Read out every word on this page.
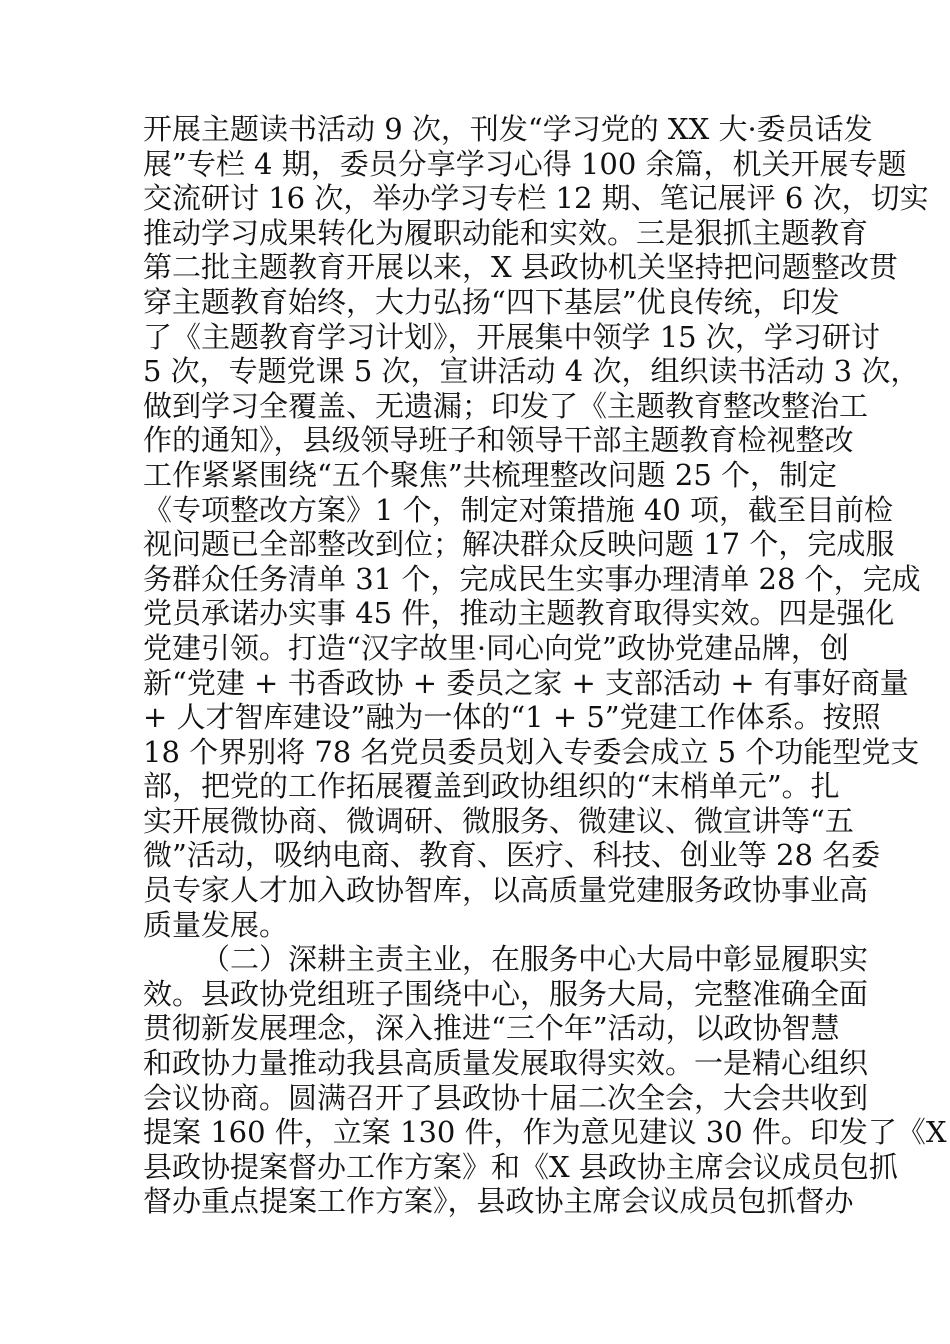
开展主题读书活动 9 次，刊发“学习党的 XX 大·委员话发
展”专栏 4 期，委员分享学习心得 100 余篇，机关开展专题
交流研讨 16 次，举办学习专栏 12 期、笔记展评 6 次，切实
推动学习成果转化为履职动能和实效。三是狠抓主题教育
第二批主题教育开展以来，X 县政协机关坚持把问题整改贯
穿主题教育始终，大力弘扬“四下基层”优良传统，印发
了《主题教育学习计划》，开展集中领学 15 次，学习研讨
5 次，专题党课 5 次，宣讲活动 4 次，组织读书活动 3 次，
做到学习全覆盖、无遗漏；印发了《主题教育整改整治工
作的通知》，县级领导班子和领导干部主题教育检视整改
工作紧紧围绕“五个聚焦”共梳理整改问题 25 个，制定
《专项整改方案》1 个，制定对策措施 40 项，截至目前检
视问题已全部整改到位；解决群众反映问题 17 个，完成服
务群众任务清单 31 个，完成民生实事办理清单 28 个，完成
党员承诺办实事 45 件，推动主题教育取得实效。四是强化
党建引领。打造“汉字故里·同心向党”政协党建品牌，创
新“党建 + 书香政协 + 委员之家 + 支部活动 + 有事好商量
+ 人才智库建设”融为一体的“1 + 5”党建工作体系。按照
18 个界别将 78 名党员委员划入专委会成立 5 个功能型党支
部，把党的工作拓展覆盖到政协组织的“末梢单元”。扎
实开展微协商、微调研、微服务、微建议、微宣讲等“五
微”活动，吸纳电商、教育、医疗、科技、创业等 28 名委
员专家人才加入政协智库，以高质量党建服务政协事业高
质量发展。
（二）深耕主责主业，在服务中心大局中彰显履职实
效。县政协党组班子围绕中心，服务大局，完整准确全面
贯彻新发展理念，深入推进“三个年”活动，以政协智慧
和政协力量推动我县高质量发展取得实效。一是精心组织
会议协商。圆满召开了县政协十届二次全会，大会共收到
提案 160 件，立案 130 件，作为意见建议 30 件。印发了《X
县政协提案督办工作方案》和《X 县政协主席会议成员包抓
督办重点提案工作方案》，县政协主席会议成员包抓督办
